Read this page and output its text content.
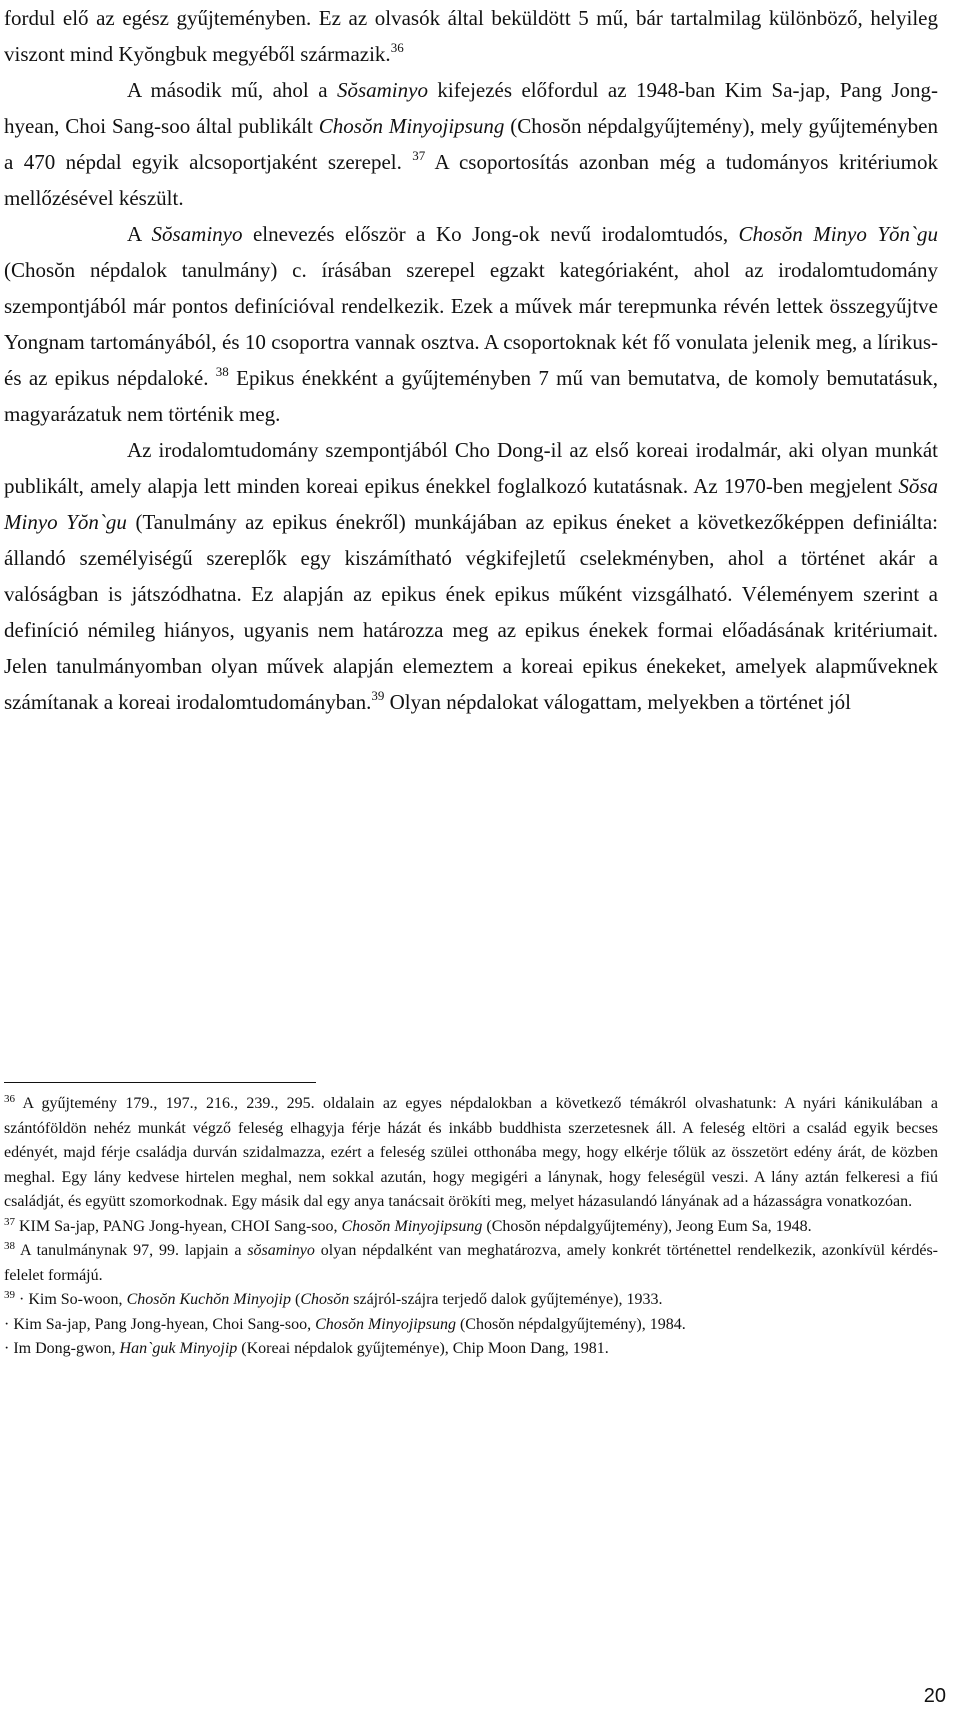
fordul elő az egész gyűjteményben. Ez az olvasók által beküldött 5 mű, bár tartalmilag különböző, helyileg viszont mind Kyŏngbuk megyéből származik.$^{36}$

A második mű, ahol a Sŏsaminyo kifejezés előfordul az 1948-ban Kim Sa-jap, Pang Jong-hyean, Choi Sang-soo által publikált Chosŏn Minyojipsung (Chosŏn népdalgyűjtemény), mely gyűjteményben a 470 népdal egyik alcsoportjaként szerepel. $^{37}$ A csoportosítás azonban még a tudományos kritériumok mellőzésével készült.

A Sŏsaminyo elnevezés először a Ko Jong-ok nevű irodalomtudós, Chosŏn Minyo Yŏn`gu (Chosŏn népdalok tanulmány) c. írásában szerepel egzakt kategóriaként, ahol az irodalomtudomány szempontjából már pontos definícióval rendelkezik. Ezek a művek már terepmunka révén lettek összegyűjtve Yongnam tartományából, és 10 csoportra vannak osztva. A csoportoknak két fő vonulata jelenik meg, a lírikus- és az epikus népdaloké. $^{38}$ Epikus énekként a gyűjteményben 7 mű van bemutatva, de komoly bemutatásuk, magyarázatuk nem történik meg.

Az irodalomtudomány szempontjából Cho Dong-il az első koreai irodalmár, aki olyan munkát publikált, amely alapja lett minden koreai epikus énekkel foglalkozó kutatásnak. Az 1970-ben megjelent Sŏsa Minyo Yŏn`gu (Tanulmány az epikus énekről) munkájában az epikus éneket a következőképpen definiálta: állandó személyiségű szereplők egy kiszámítható végkifejletű cselekményben, ahol a történet akár a valóságban is játszódhatna. Ez alapján az epikus ének epikus műként vizsgálható. Véleményem szerint a definíció némileg hiányos, ugyanis nem határozza meg az epikus énekek formai előadásának kritériumait. Jelen tanulmányomban olyan művek alapján elemeztem a koreai epikus énekeket, amelyek alapműveknek számítanak a koreai irodalomtudományban.$^{39}$ Olyan népdalokat válogattam, melyekben a történet jól

$^{36}$ A gyűjtemény 179., 197., 216., 239., 295. oldalain az egyes népdalokban a következő témákról olvashatunk: A nyári kánikulában a szántóföldön nehéz munkát végző feleség elhagyja férje házát és inkább buddhista szerzetesnek áll. A feleség eltöri a család egyik becses edényét, majd férje családja durván szidalmazza, ezért a feleség szülei otthonába megy, hogy elkérje tőlük az összetört edény árát, de közben meghal. Egy lány kedvese hirtelen meghal, nem sokkal azután, hogy megigéri a lánynak, hogy feleségül veszi. A lány aztán felkeresi a fiú családját, és együtt szomorkodnak. Egy másik dal egy anya tanácsait örökíti meg, melyet házasulandó lányának ad a házasságra vonatkozóan.

$^{37}$ KIM Sa-jap, PANG Jong-hyean, CHOI Sang-soo, Chosŏn Minyojipsung (Chosŏn népdalgyűjtemény), Jeong Eum Sa, 1948.

$^{38}$ A tanulmánynak 97, 99. lapjain a sŏsaminyo olyan népdalként van meghatározva, amely konkrét történettel rendelkezik, azonkívül kérdés-felelet formájú.

$^{39}$ · Kim So-woon, Chosŏn Kuchŏn Minyojip (Chosŏn szájról-szájra terjedő dalok gyűjteménye), 1933.

· Kim Sa-jap, Pang Jong-hyean, Choi Sang-soo, Chosŏn Minyojipsung (Chosŏn népdalgyűjtemény), 1984.

· Im Dong-gwon, Han`guk Minyojip (Koreai népdalok gyűjteménye), Chip Moon Dang, 1981.

20
